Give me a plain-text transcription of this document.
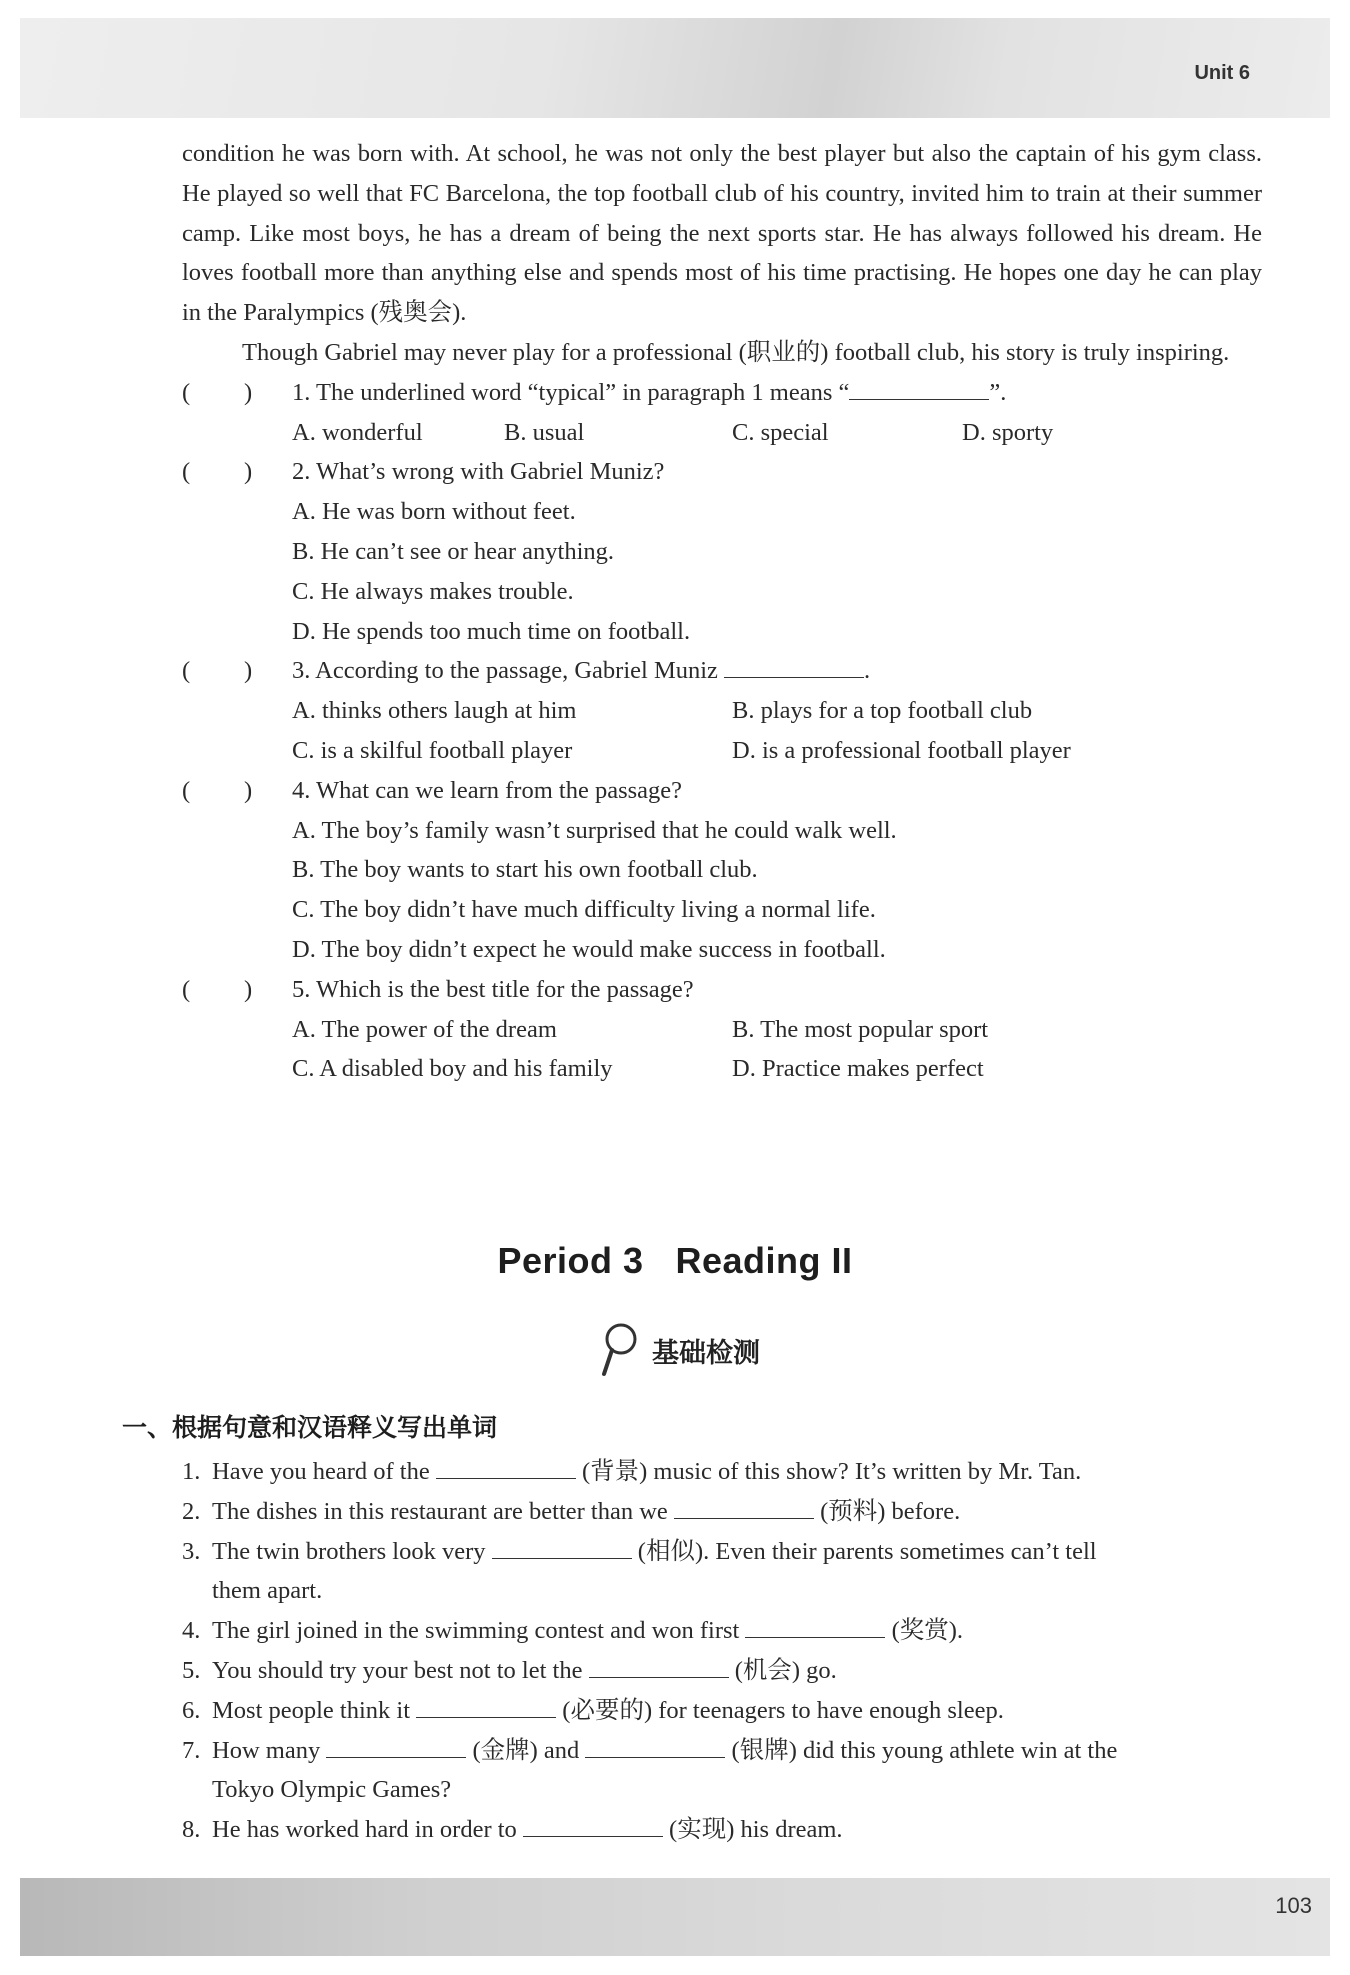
Unit 6
103

condition he was born with. At school, he was not only the best player but also the captain of his gym class. He played so well that FC Barcelona, the top football club of his country, invited him to train at their summer camp. Like most boys, he has a dream of being the next sports star. He has always followed his dream. He loves football more than anything else and spends most of his time practising. He hopes one day he can play in the Paralympics (残奥会).

Though Gabriel may never play for a professional (职业的) football club, his story is truly inspiring.

( ) 1. The underlined word “typical” in paragraph 1 means “	”.
A. wonderful	B. usual	C. special	D. sporty
( ) 2. What’s wrong with Gabriel Muniz?
A. He was born without feet.
B. He can’t see or hear anything.
C. He always makes trouble.
D. He spends too much time on football.
( ) 3. According to the passage, Gabriel Muniz	.
A. thinks others laugh at him	B. plays for a top football club
C. is a skilful football player	D. is a professional football player
( ) 4. What can we learn from the passage?
A. The boy’s family wasn’t surprised that he could walk well.
B. The boy wants to start his own football club.
C. The boy didn’t have much difficulty living a normal life.
D. The boy didn’t expect he would make success in football.
( ) 5. Which is the best title for the passage?
A. The power of the dream	B. The most popular sport
C. A disabled boy and his family	D. Practice makes perfect
Period 3 Reading II
基础检测
一、根据句意和汉语释义写出单词
1. Have you heard of the	(背景) music of this show? It’s written by Mr. Tan.
2. The dishes in this restaurant are better than we	(预料) before.
3. The twin brothers look very	(相似). Even their parents sometimes can’t tell
them apart.
4. The girl joined in the swimming contest and won first	(奖赏).
5. You should try your best not to let the	(机会) go.
6. Most people think it	(必要的) for teenagers to have enough sleep.
7. How many	(金牌) and	(银牌) did this young athlete win at the
Tokyo Olympic Games?
8. He has worked hard in order to	(实现) his dream.
